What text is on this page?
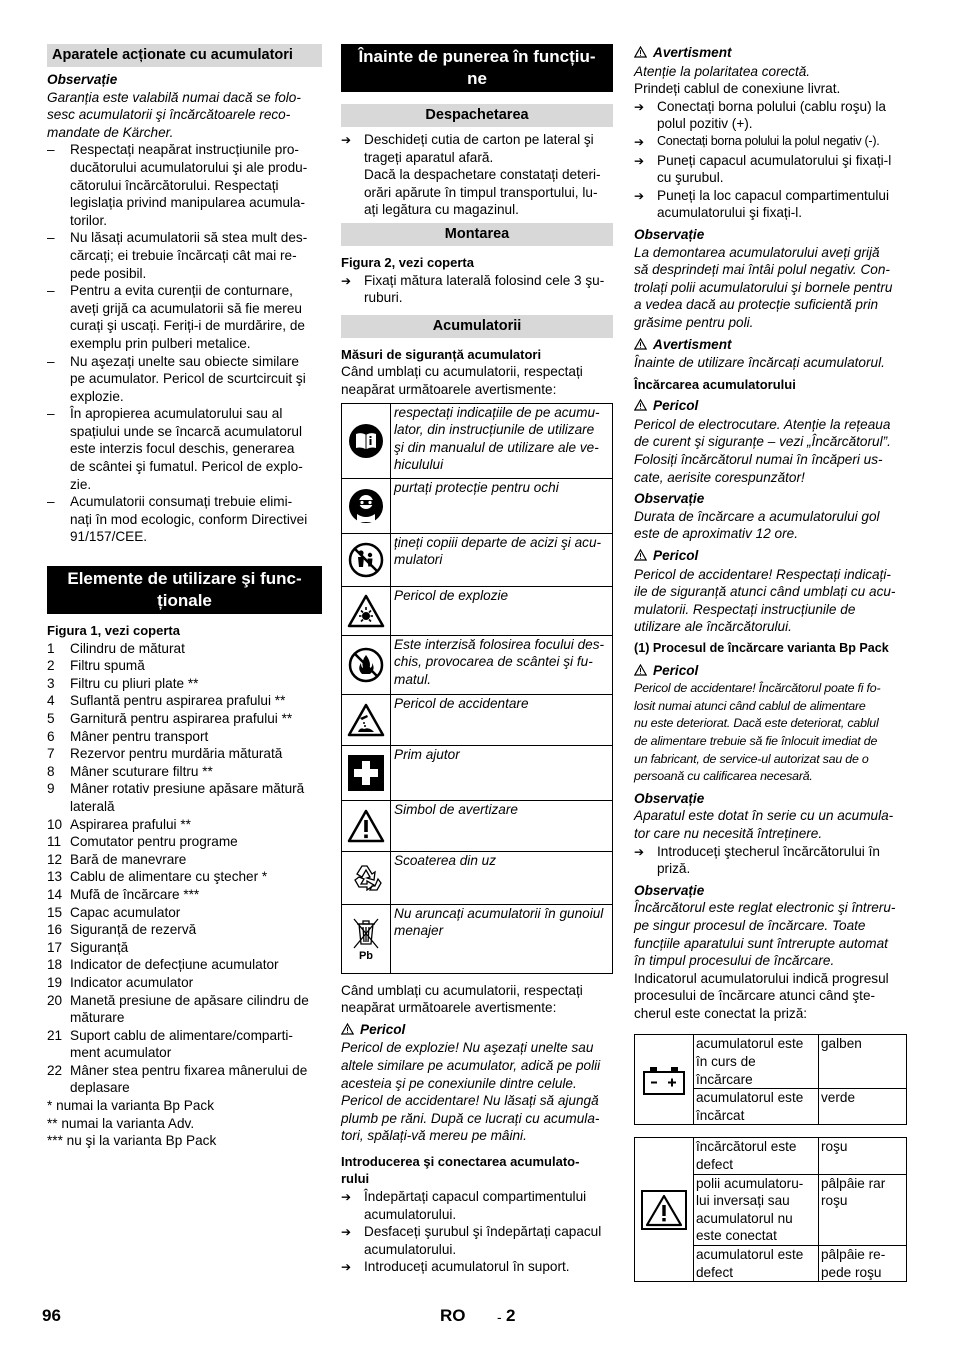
Aparatele acționate cu acumulatori
Observație
Garanția este valabilă numai dacă se folo-
sesc acumulatorii şi încărcătoarele reco-
mandate de Kärcher.
–
Respectați neapărat instrucțiunile pro-
ducătorului acumulatorului şi ale produ-
cătorului încărcătorului. Respectați
legislația privind manipularea acumula-
torilor.
–
Nu lăsați acumulatorii să stea mult des-
cărcați; ei trebuie încărcați cât mai re-
pede posibil.
–
Pentru a evita curenții de conturnare,
aveți grijă ca acumulatorii să fie mereu
curați şi uscați. Feriți-i de murdărire, de
exemplu prin pulberi metalice.
–
Nu aşezați unelte sau obiecte similare
pe acumulator. Pericol de scurtcircuit şi
explozie.
–
În apropierea acumulatorului sau al
spațiului unde se încarcă acumulatorul
este interzis focul deschis, generarea
de scântei şi fumatul. Pericol de explo-
zie.
–
Acumulatorii consumați trebuie elimi-
nați în mod ecologic, conform Directivei
91/157/CEE.
Elemente de utilizare şi func-
ționale
Figura 1, vezi coperta
1	Cilindru de măturat
2	Filtru spumă
3	Filtru cu pliuri plate **
4	Suflantă pentru aspirarea prafului **
5	Garnitură pentru aspirarea prafului **
6	Mâner pentru transport
7	Rezervor pentru murdăria măturată
8	Mâner scuturare filtru **
9	Mâner rotativ presiune apăsare mătură
laterală
10 Aspirarea prafului **
11 Comutator pentru programe
12 Bară de manevrare
13 Cablu de alimentare cu ştecher *
14 Mufă de încărcare ***
15 Capac acumulator
16 Siguranță de rezervă
17 Siguranță
18 Indicator de defecțiune acumulator
19 Indicator acumulator
20 Manetă presiune de apăsare cilindru de
măturare
21 Suport cablu de alimentare/comparti-
ment acumulator
22 Mâner stea pentru fixarea mânerului de
deplasare
* numai la varianta Bp Pack
** numai la varianta Adv.
*** nu şi la varianta Bp Pack
Înainte de punerea în funcțiu-
ne
Despachetarea
➔
Deschideți cutia de carton pe lateral şi
trageți aparatul afară.
Dacă la despachetare constatați deteri-
orări apărute în timpul transportului, lu-
ați legătura cu magazinul.
Montarea
Figura 2, vezi coperta
➔
Fixați mătura laterală folosind cele 3 şu-
ruburi.
Acumulatorii
Măsuri de siguranță acumulatori
Când umblați cu acumulatorii, respectați
neapărat următoarele avertismente:
	respectați indicațiile de pe acumu-
lator, din instrucțiunile de utilizare
şi din manualul de utilizare ale ve-
hiculului

	purtați protecție pentru ochi

	țineți copiii departe de acizi şi acu-
mulatori

	Pericol de explozie

	Este interzisă folosirea focului des-
chis, provocarea de scântei şi fu-
matul.

	Pericol de accidentare

	Prim ajutor

	Simbol de avertizare

	Scoaterea din uz

Pb	Nu aruncați acumulatorii în gunoiul
menajer
Când umblați cu acumulatorii, respectați
neapărat următoarele avertismente:
Pericol
Pericol de explozie! Nu aşezați unelte sau
altele similare pe acumulator, adică pe polii
acesteia şi pe conexiunile dintre celule.
Pericol de accidentare! Nu lăsați să ajungă
plumb pe răni. După ce lucrați cu acumula-
tori, spălați-vă mereu pe mâini.
Introducerea şi conectarea acumulato-
rului
➔
Îndepărtați capacul compartimentului
acumulatorului.
➔
Desfaceți şurubul şi îndepărtați capacul
acumulatorului.
➔
Introduceți acumulatorul în suport.
Avertisment
Atenție la polaritatea corectă.
Prindeți cablul de conexiune livrat.
➔
Conectați borna polului (cablu roşu) la
polul pozitiv (+).
➔
Conectați borna polului la polul negativ (-).
➔
Puneți capacul acumulatorului şi fixați-l
cu şurubul.
➔
Puneți la loc capacul compartimentului
acumulatorului şi fixați-l.
Observație
La demontarea acumulatorului aveți grijă
să desprindeți mai întâi polul negativ. Con-
trolați polii acumulatorului şi bornele pentru
a vedea dacă au protecție suficientă prin
grăsime pentru poli.
Avertisment
Înainte de utilizare încărcați acumulatorul.
Încărcarea acumulatorului
Pericol
Pericol de electrocutare. Atenție la rețeaua
de curent şi siguranțe – vezi „Încărcătorul”.
Folosiți încărcătorul numai în încăperi us-
cate, aerisite corespunzător!
Observație
Durata de încărcare a acumulatorului gol
este de aproximativ 12 ore.
Pericol
Pericol de accidentare! Respectați indicați-
ile de siguranță atunci când umblați cu acu-
mulatorii. Respectați instrucțiunile de
utilizare ale încărcătorului.
(1) Procesul de încărcare varianta Bp Pack
Pericol
Pericol de accidentare! Încărcătorul poate fi fo-
losit numai atunci când cablul de alimentare
nu este deteriorat. Dacă este deteriorat, cablul
de alimentare trebuie să fie înlocuit imediat de
un fabricant, de service-ul autorizat sau de o
persoană cu calificarea necesară.
Observație
Aparatul este dotat în serie cu un acumula-
tor care nu necesită întreținere.
➔
Introduceți ştecherul încărcătorului în
priză.
Observație
Încărcătorul este reglat electronic şi întreru-
pe singur procesul de încărcare. Toate
funcțiile aparatului sunt întrerupte automat
în timpul procesului de încărcare.
Indicatorul acumulatorului indică progresul
procesului de încărcare atunci când şte-
cherul este conectat la priză:
	acumulatorul este
în curs de încărcare	galben
	acumulatorul este
încărcat	verde
	încărcătorul este
defect	roşu
	polii acumulatoru-
lui inversați sau
acumulatorul nu
este conectat	pâlpâie rar
roşu
	acumulatorul este
defect	pâlpâie re-
pede roşu
96	RO - 2
